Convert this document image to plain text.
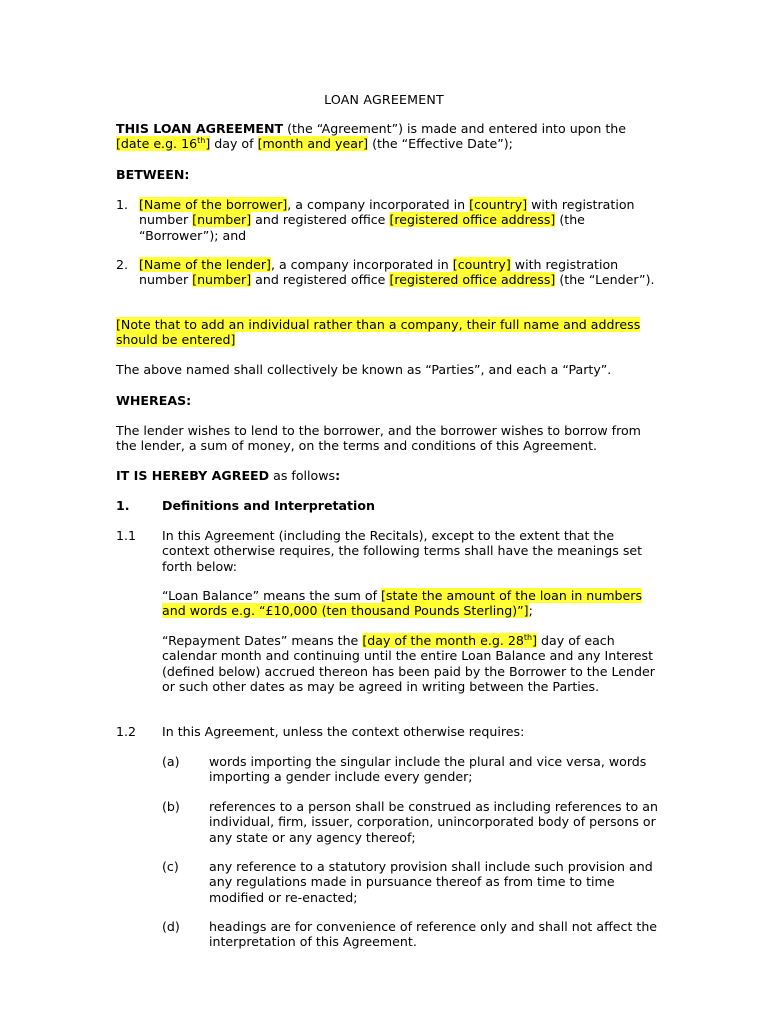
LOAN AGREEMENT
THIS LOAN AGREEMENT (the “Agreement”) is made and entered into upon the [date e.g. 16th] day of [month and year] (the “Effective Date”);
BETWEEN:
1. [Name of the borrower], a company incorporated in [country] with registration number [number] and registered office [registered office address] (the “Borrower”); and
2. [Name of the lender], a company incorporated in [country] with registration number [number] and registered office [registered office address] (the “Lender”).
[Note that to add an individual rather than a company, their full name and address should be entered]
The above named shall collectively be known as “Parties”, and each a “Party”.
WHEREAS:
The lender wishes to lend to the borrower, and the borrower wishes to borrow from the lender, a sum of money, on the terms and conditions of this Agreement.
IT IS HEREBY AGREED as follows:
1.	Definitions and Interpretation
1.1 In this Agreement (including the Recitals), except to the extent that the context otherwise requires, the following terms shall have the meanings set forth below:
“Loan Balance” means the sum of [state the amount of the loan in numbers and words e.g. “£10,000 (ten thousand Pounds Sterling)”];
“Repayment Dates” means the [day of the month e.g. 28th] day of each calendar month and continuing until the entire Loan Balance and any Interest (defined below) accrued thereon has been paid by the Borrower to the Lender or such other dates as may be agreed in writing between the Parties.
1.2 In this Agreement, unless the context otherwise requires:
(a) words importing the singular include the plural and vice versa, words importing a gender include every gender;
(b) references to a person shall be construed as including references to an individual, firm, issuer, corporation, unincorporated body of persons or any state or any agency thereof;
(c) any reference to a statutory provision shall include such provision and any regulations made in pursuance thereof as from time to time modified or re-enacted;
(d) headings are for convenience of reference only and shall not affect the interpretation of this Agreement.
